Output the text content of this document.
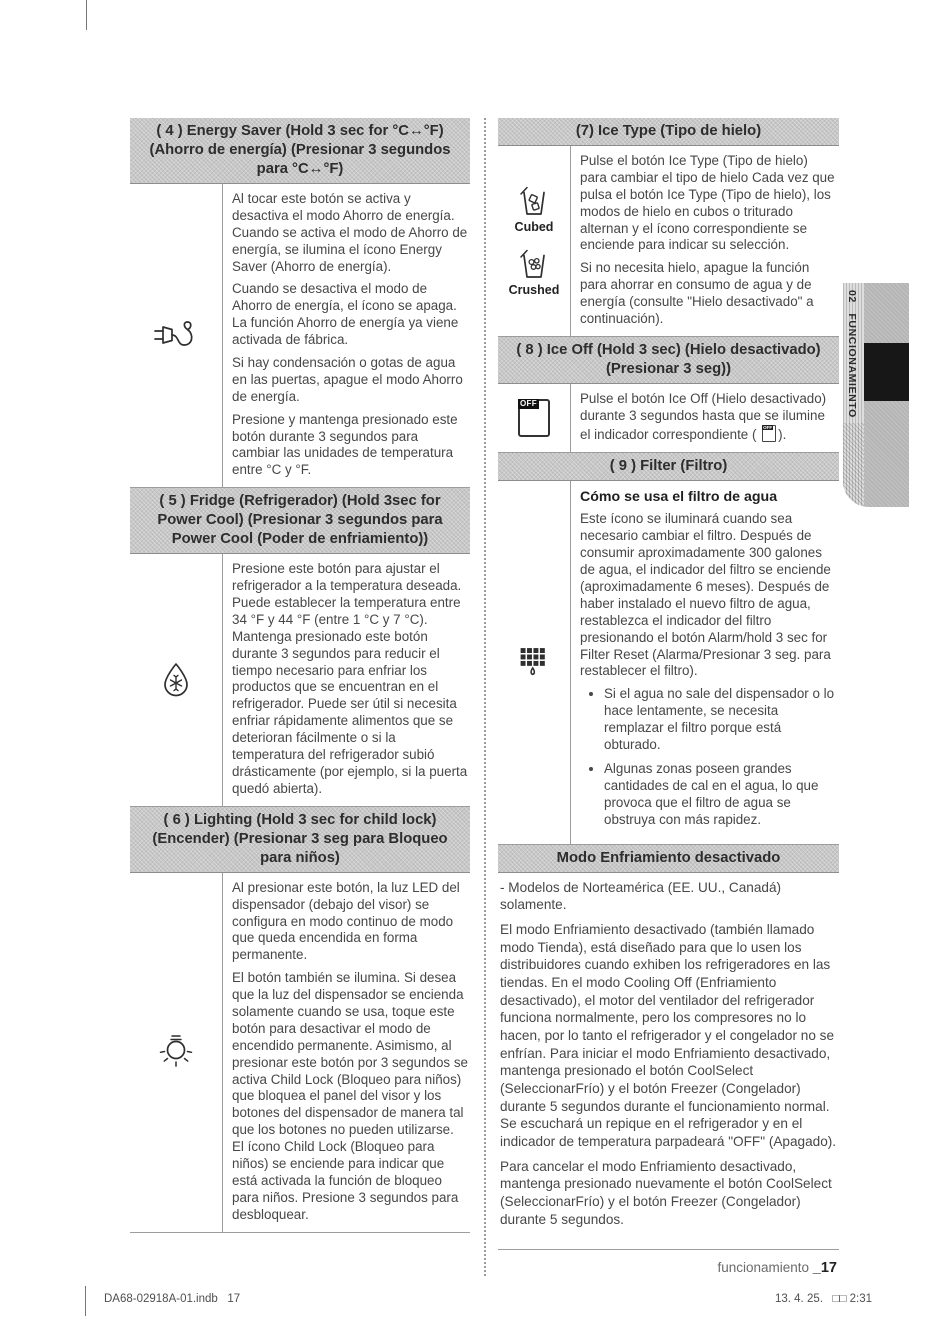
( 4 ) Energy Saver (Hold 3 sec for °C↔°F) (Ahorro de energía) (Presionar 3 segundos para °C↔°F)

Al tocar este botón se activa y desactiva el modo Ahorro de energía. Cuando se activa el modo de Ahorro de energía, se ilumina el ícono Energy Saver (Ahorro de energía).

Cuando se desactiva el modo de Ahorro de energía, el ícono se apaga. La función Ahorro de energía ya viene activada de fábrica.

Si hay condensación o gotas de agua en las puertas, apague el modo Ahorro de energía.

Presione y mantenga presionado este botón durante 3 segundos para cambiar las unidades de temperatura entre °C y °F.

( 5 ) Fridge (Refrigerador) (Hold 3sec for Power Cool) (Presionar 3 segundos para Power Cool (Poder de enfriamiento))

Presione este botón para ajustar el refrigerador a la temperatura deseada. Puede establecer la temperatura entre 34 °F y 44 °F (entre 1 °C y 7 °C). Mantenga presionado este botón durante 3 segundos para reducir el tiempo necesario para enfriar los productos que se encuentran en el refrigerador. Puede ser útil si necesita enfriar rápidamente alimentos que se deterioran fácilmente o si la temperatura del refrigerador subió drásticamente (por ejemplo, si la puerta quedó abierta).

( 6 ) Lighting (Hold 3 sec for child lock) (Encender) (Presionar 3 seg para Bloqueo para niños)

Al presionar este botón, la luz LED del dispensador (debajo del visor) se configura en modo continuo de modo que queda encendida en forma permanente.

El botón también se ilumina. Si desea que la luz del dispensador se encienda solamente cuando se usa, toque este botón para desactivar el modo de encendido permanente. Asimismo, al presionar este botón por 3 segundos se activa Child Lock (Bloqueo para niños) que bloquea el panel del visor y los botones del dispensador de manera tal que los botones no pueden utilizarse. El ícono Child Lock (Bloqueo para niños) se enciende para indicar que está activada la función de bloqueo para niños. Presione 3 segundos para desbloquear.

(7) Ice Type (Tipo de hielo)
Cubed
Crushed

Pulse el botón Ice Type (Tipo de hielo) para cambiar el tipo de hielo Cada vez que pulsa el botón Ice Type (Tipo de hielo), los modos de hielo en cubos o triturado alternan y el ícono correspondiente se enciende para indicar su selección.

Si no necesita hielo, apague la función para ahorrar en consumo de agua y de energía (consulte "Hielo desactivado" a continuación).

( 8 ) Ice Off (Hold 3 sec) (Hielo desactivado) (Presionar 3 seg))
OFF	Pulse el botón Ice Off (Hielo desactivado) durante 3 segundos hasta que se ilumine el indicador correspondiente ( OFF ).

( 9 ) Filter (Filtro)
Cómo se usa el filtro de agua

Este ícono se iluminará cuando sea necesario cambiar el filtro. Después de consumir aproximadamente 300 galones de agua, el indicador del filtro se enciende (aproximadamente 6 meses). Después de haber instalado el nuevo filtro de agua, restablezca el indicador del filtro presionando el botón Alarm/hold 3 sec for Filter Reset (Alarma/Presionar 3 seg. para restablecer el filtro).

• Si el agua no sale del dispensador o lo hace lentamente, se necesita remplazar el filtro porque está obturado.
• Algunas zonas poseen grandes cantidades de cal en el agua, lo que provoca que el filtro de agua se obstruya con más rapidez.
Modo Enfriamiento desactivado

- Modelos de Norteamérica (EE. UU., Canadá) solamente.

El modo Enfriamiento desactivado (también llamado modo Tienda), está diseñado para que lo usen los distribuidores cuando exhiben los refrigeradores en las tiendas. En el modo Cooling Off (Enfriamiento desactivado), el motor del ventilador del refrigerador funciona normalmente, pero los compresores no lo hacen, por lo tanto el refrigerador y el congelador no se enfrían. Para iniciar el modo Enfriamiento desactivado, mantenga presionado el botón CoolSelect (SeleccionarFrío) y el botón Freezer (Congelador) durante 5 segundos durante el funcionamiento normal. Se escuchará un repique en el refrigerador y en el indicador de temperatura parpadeará "OFF" (Apagado).

Para cancelar el modo Enfriamiento desactivado, mantenga presionado nuevamente el botón CoolSelect (SeleccionarFrío) y el botón Freezer (Congelador) durante 5 segundos.

funcionamiento _17
02 FUNCIONAMIENTO
DA68-02918A-01.indb   17	13. 4. 25.   □□ 2:31
